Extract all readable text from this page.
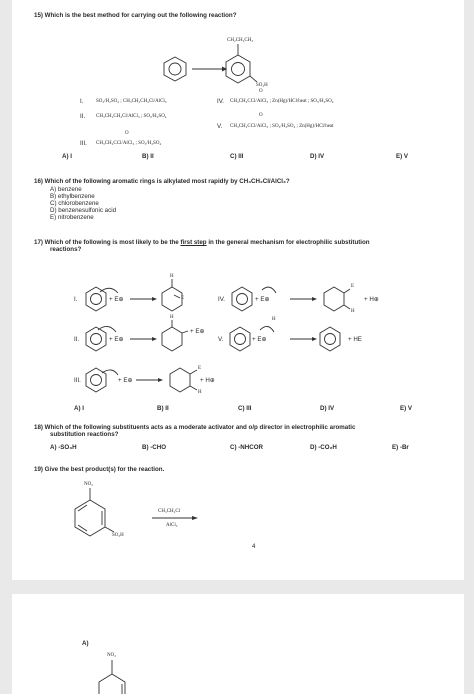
15) Which is the best method for carrying out the following reaction?
CH₂CH₂CH₃
SO₃H
I.	SO₃/H₂SO₄ ; CH₃CH₂CH₂Cl/AlCl₃
II. CH₃CH₂CH₂Cl/AlCl₃ ; SO₃/H₂SO₄
O
III. CH₃CH₂CCl/AlCl₃ ; SO₃/H₂SO₄
O
IV. CH₃CH₂CCl/AlCl₃ ; Zn(Hg)/HCl/heat ; SO₃/H₂SO₄
O
V. CH₃CH₂CCl/AlCl₃ ; SO₃/H₂SO₄ ; Zn(Hg)/HCl/heat
A) I	B) II	C) III	D) IV	E) V
16) Which of the following aromatic rings is alkylated most rapidly by CH₃CH₂Cl/AlCl₃?
A) benzene
B) ethylbenzene
C) chlorobenzene
D) benzenesulfonic acid
E) nitrobenzene
17) Which of the following is most likely to be the first step in the general mechanism for electrophilic substitution
reactions?
I.	+ E⊕
H
E	IV.	+ E⊕
E
H
+ H⊕
II.	+ E⊕
H
+ E⊕
V.	+ E⊕
H
+ HE
III.	+ E⊕
E
H
+ H⊕
A) I	B) II	C) III	D) IV	E) V
18) Which of the following substituents acts as a moderate activator and o/p director in electrophilic aromatic
substitution reactions?
A) -SO₃H	B) -CHO	C) -NHCOR	D) -CO₂H	E) -Br
19) Give the best product(s) for the reaction.
NO₂
SO₃H
CH₃CH₂Cl
AlCl₃
4
A)
NO₂
